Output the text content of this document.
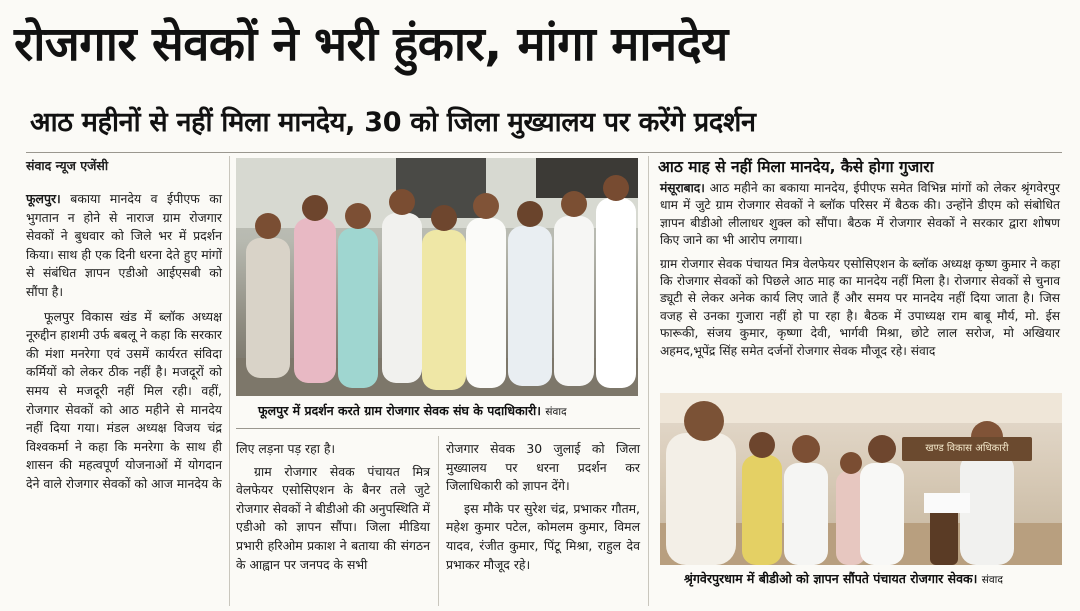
रोजगार सेवकों ने भरी हुंकार, मांगा मानदेय
आठ महीनों से नहीं मिला मानदेय, 30 को जिला मुख्यालय पर करेंगे प्रदर्शन
संवाद न्यूज एजेंसी

फूलपुर। बकाया मानदेय व ईपीएफ का भुगतान न होने से नाराज ग्राम रोजगार सेवकों ने बुधवार को जिले भर में प्रदर्शन किया। साथ ही एक दिनी धरना देते हुए मांगों से संबंधित ज्ञापन एडीओ आईएसबी को सौंपा है।

फूलपुर विकास खंड में ब्लॉक अध्यक्ष नूरुद्दीन हाशमी उर्फ बबलू ने कहा कि सरकार की मंशा मनरेगा एवं उसमें कार्यरत संविदा कर्मियों को लेकर ठीक नहीं है। मजदूरों को समय से मजदूरी नहीं मिल रही। वहीं, रोजगार सेवकों को आठ महीने से मानदेय नहीं दिया गया। मंडल अध्यक्ष विजय चंद्र विश्वकर्मा ने कहा कि मनरेगा के साथ ही शासन की महत्वपूर्ण योजनाओं में योगदान देने वाले रोजगार सेवकों को आज मानदेय के

फूलपुर में प्रदर्शन करते ग्राम रोजगार सेवक संघ के पदाधिकारी। संवाद

लिए लड़ना पड़ रहा है।

ग्राम रोजगार सेवक पंचायत मित्र वेलफेयर एसोसिएशन के बैनर तले जुटे रोजगार सेवकों ने बीडीओ की अनुपस्थिति में एडीओ को ज्ञापन सौंपा। जिला मीडिया प्रभारी हरिओम प्रकाश ने बताया की संगठन के आह्वान पर जनपद के सभी

रोजगार सेवक 30 जुलाई को जिला मुख्यालय पर धरना प्रदर्शन कर जिलाधिकारी को ज्ञापन देंगे।

इस मौके पर सुरेश चंद्र, प्रभाकर गौतम, महेश कुमार पटेल, कोमलम कुमार, विमल यादव, रंजीत कुमार, पिंटू मिश्रा, राहुल देव प्रभाकर मौजूद रहे।

आठ माह से नहीं मिला मानदेय, कैसे होगा गुजारा

मंसूराबाद। आठ महीने का बकाया मानदेय, ईपीएफ समेत विभिन्न मांगों को लेकर श्रृंगवेरपुर धाम में जुटे ग्राम रोजगार सेवकों ने ब्लॉक परिसर में बैठक की। उन्होंने डीएम को संबोधित ज्ञापन बीडीओ लीलाधर शुक्ल को सौंपा। बैठक में रोजगार सेवकों ने सरकार द्वारा शोषण किए जाने का भी आरोप लगाया।

ग्राम रोजगार सेवक पंचायत मित्र वेलफेयर एसोसिएशन के ब्लॉक अध्यक्ष कृष्ण कुमार ने कहा कि रोजगार सेवकों को पिछले आठ माह का मानदेय नहीं मिला है। रोजगार सेवकों से चुनाव ड्यूटी से लेकर अनेक कार्य लिए जाते हैं और समय पर मानदेय नहीं दिया जाता है। जिस वजह से उनका गुजारा नहीं हो पा रहा है। बैठक में उपाध्यक्ष राम बाबू मौर्य, मो. ईस फारूकी, संजय कुमार, कृष्णा देवी, भार्गवी मिश्रा, छोटे लाल सरोज, मो अखियार अहमद,भूपेंद्र सिंह समेत दर्जनों रोजगार सेवक मौजूद रहे। संवाद

खण्ड विकास अधिकारी
श्रृंगवेरपुरधाम में बीडीओ को ज्ञापन सौंपते पंचायत रोजगार सेवक। संवाद
